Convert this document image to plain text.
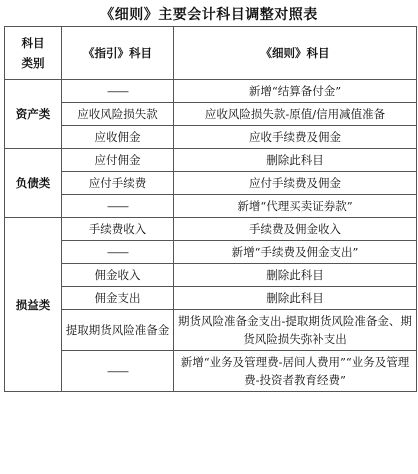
《细则》主要会计科目调整对照表
科目
类别	《指引》科目	《细则》科目
资产类	——	新增“结算备付金”
	应收风险损失款	应收风险损失款-原值/信用减值准备
	应收佣金	应收手续费及佣金
负债类	应付佣金	删除此科目
	应付手续费	应付手续费及佣金
	——	新增“代理买卖证券款”
损益类	手续费收入	手续费及佣金收入
	——	新增“手续费及佣金支出”
	佣金收入	删除此科目
	佣金支出	删除此科目
	提取期货风险准备金	期货风险准备金支出-提取期货风险准备金、期货风险损失弥补支出
	——	新增“业务及管理费-居间人费用”“业务及管理费-投资者教育经费”
